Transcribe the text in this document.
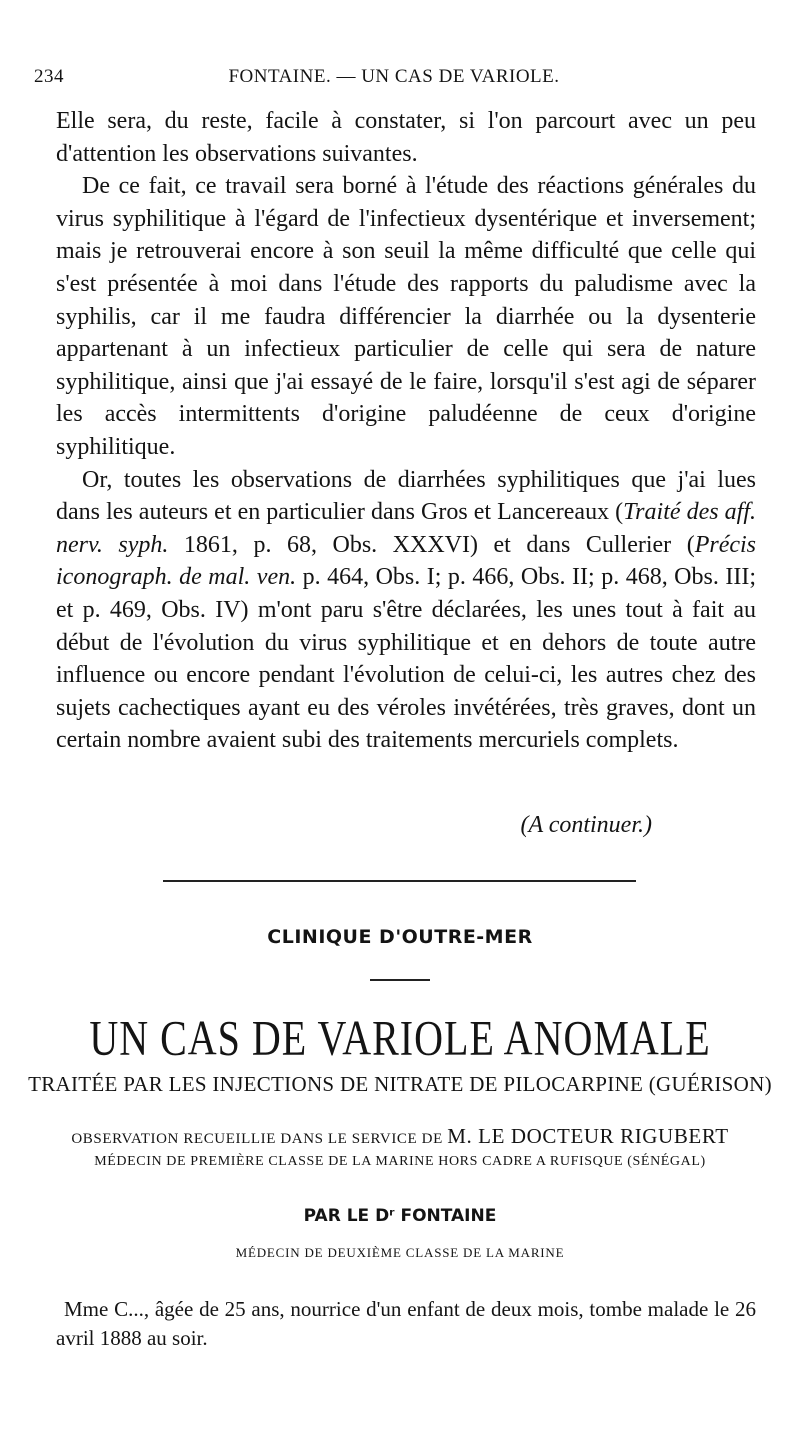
234	FONTAINE. — UN CAS DE VARIOLE.

Elle sera, du reste, facile à constater, si l'on parcourt avec un peu d'attention les observations suivantes.

De ce fait, ce travail sera borné à l'étude des réactions générales du virus syphilitique à l'égard de l'infectieux dysentérique et inversement; mais je retrouverai encore à son seuil la même difficulté que celle qui s'est présentée à moi dans l'étude des rapports du paludisme avec la syphilis, car il me faudra différencier la diarrhée ou la dysenterie appartenant à un infectieux particulier de celle qui sera de nature syphilitique, ainsi que j'ai essayé de le faire, lorsqu'il s'est agi de séparer les accès intermittents d'origine paludéenne de ceux d'origine syphilitique.

Or, toutes les observations de diarrhées syphilitiques que j'ai lues dans les auteurs et en particulier dans Gros et Lancereaux (Traité des aff. nerv. syph. 1861, p. 68, Obs. XXXVI) et dans Cullerier (Précis iconograph. de mal. ven. p. 464, Obs. I; p. 466, Obs. II; p. 468, Obs. III; et p. 469, Obs. IV) m'ont paru s'être déclarées, les unes tout à fait au début de l'évolution du virus syphilitique et en dehors de toute autre influence ou encore pendant l'évolution de celui-ci, les autres chez des sujets cachectiques ayant eu des véroles invétérées, très graves, dont un certain nombre avaient subi des traitements mercuriels complets.

(A continuer.)
CLINIQUE D'OUTRE-MER
UN CAS DE VARIOLE ANOMALE
TRAITÉE PAR LES INJECTIONS DE NITRATE DE PILOCARPINE (GUÉRISON)
OBSERVATION RECUEILLIE DANS LE SERVICE DE M. LE DOCTEUR RIGUBERT
MÉDECIN DE PREMIÈRE CLASSE DE LA MARINE HORS CADRE A RUFISQUE (SÉNÉGAL)
PAR LE Dʳ FONTAINE
MÉDECIN DE DEUXIÈME CLASSE DE LA MARINE
Mme C..., âgée de 25 ans, nourrice d'un enfant de deux mois, tombe malade le 26 avril 1888 au soir.
